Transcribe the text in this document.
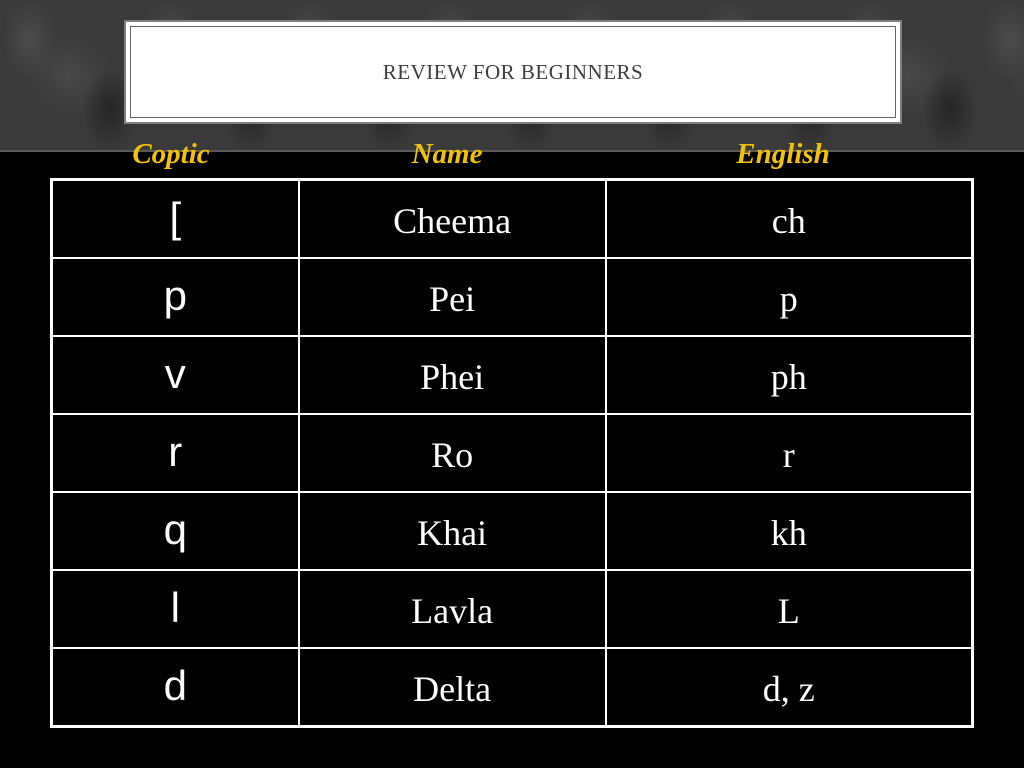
REVIEW FOR BEGINNERS
Coptic	Name	English
[	Cheema	ch

p	Pei	p

v	Phei	ph

r	Ro	r

q	Khai	kh

l	Lavla	L

d	Delta	d, z
